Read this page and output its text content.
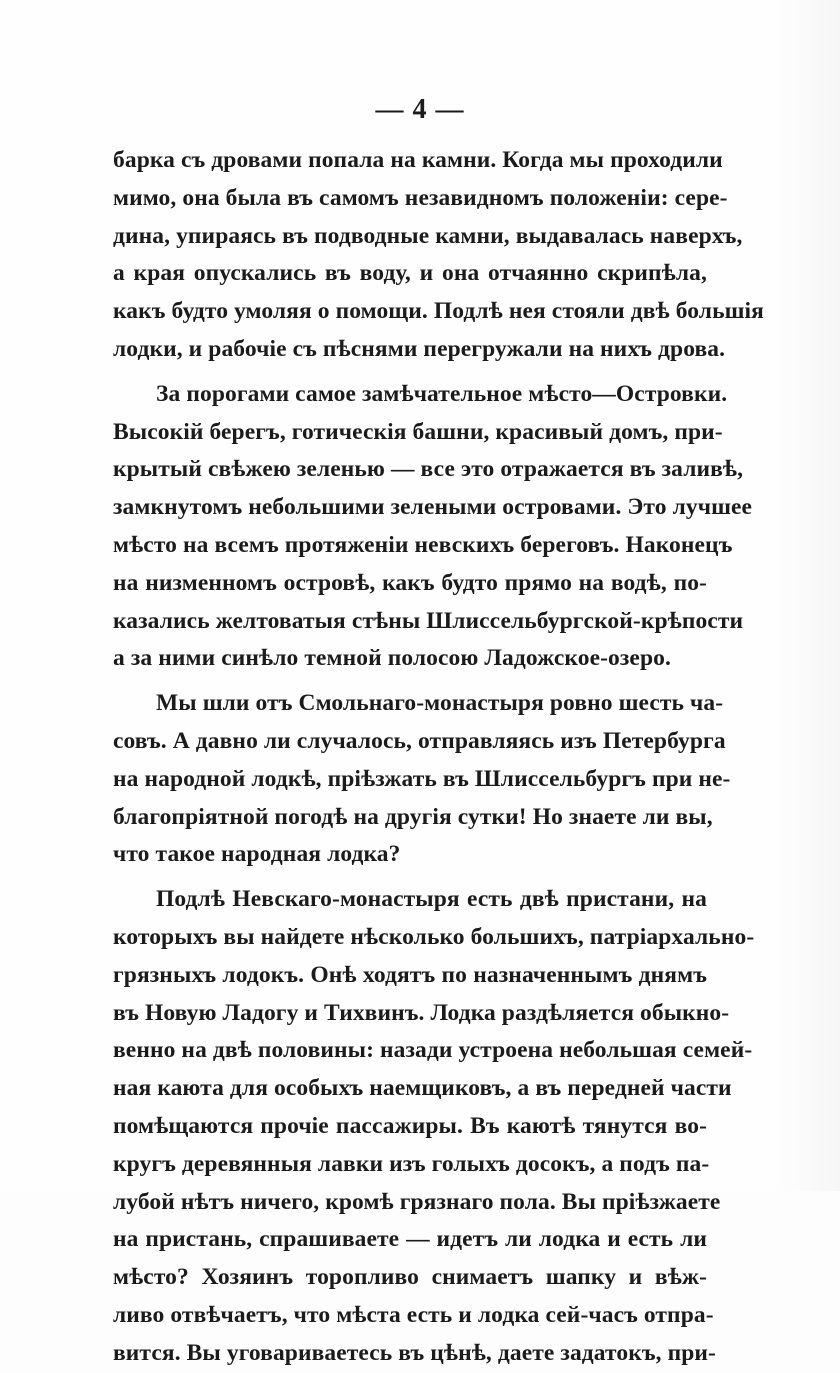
— 4 —
барка съ дровами попала на камни. Когда мы проходили
мимо, она была въ самомъ незавидномъ положеніи: сере-
дина, упираясь въ подводные камни, выдавалась наверхъ,
а края опускались въ воду, и она отчаянно скрипѣла,
какъ будто умоляя о помощи. Подлѣ нея стояли двѣ большія
лодки, и рабочіе съ пѣснями перегружали на нихъ дрова.
За порогами самое замѣчательное мѣсто—Островки.
Высокій берегъ, готическія башни, красивый домъ, при-
крытый свѣжею зеленью — все это отражается въ заливѣ,
замкнутомъ небольшими зелеными островами. Это лучшее
мѣсто на всемъ протяженіи невскихъ береговъ. Наконецъ
на низменномъ островѣ, какъ будто прямо на водѣ, по-
казались желтоватыя стѣны Шлиссельбургской-крѣпости
а за ними синѣло темной полосою Ладожское-озеро.
Мы шли отъ Смольнаго-монастыря ровно шесть ча-
совъ. А давно ли случалось, отправляясь изъ Петербурга
на народной лодкѣ, пріѣзжать въ Шлиссельбургъ при не-
благопріятной погодѣ на другія сутки! Но знаете ли вы,
что такое народная лодка?
Подлѣ Невскаго-монастыря есть двѣ пристани, на
которыхъ вы найдете нѣсколько большихъ, патріархально-
грязныхъ лодокъ. Онѣ ходятъ по назначеннымъ днямъ
въ Новую Ладогу и Тихвинъ. Лодка раздѣляется обыкно-
венно на двѣ половины: назади устроена небольшая семей-
ная каюта для особыхъ наемщиковъ, а въ передней части
помѣщаются прочіе пассажиры. Въ каютѣ тянутся во-
кругъ деревянныя лавки изъ голыхъ досокъ, а подъ па-
лубой нѣтъ ничего, кромѣ грязнаго пола. Вы пріѣзжаете
на пристань, спрашиваете — идетъ ли лодка и есть ли
мѣсто? Хозяинъ торопливо снимаетъ шапку и вѣж-
ливо отвѣчаетъ, что мѣста есть и лодка сей-часъ отпра-
вится. Вы уговариваетесь въ цѣнѣ, даете задатокъ, при-
